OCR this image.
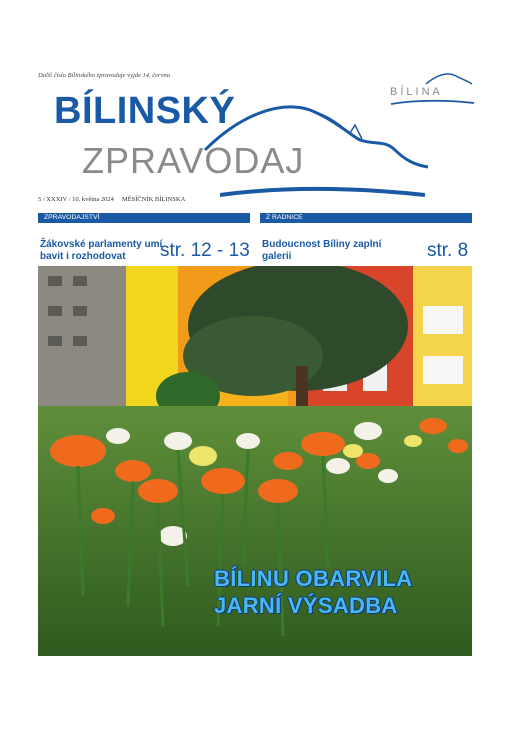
Další číslo Bílinského zpravodaje vyjde 14. června
BÍLINSKÝ
ZPRAVODAJ
BÍLINA
5 / XXXIV / 10. května 2024 MĚSÍČNÍK BÍLINSKA
ZPRAVODAJSTVÍ	Z RADNICE
Žákovské parlamenty umí bavit i rozhodovat	str. 12 - 13 Budoucnost Bíliny zaplní galerii	str. 8
BÍLINU OBARVILA
JARNÍ VÝSADBA
